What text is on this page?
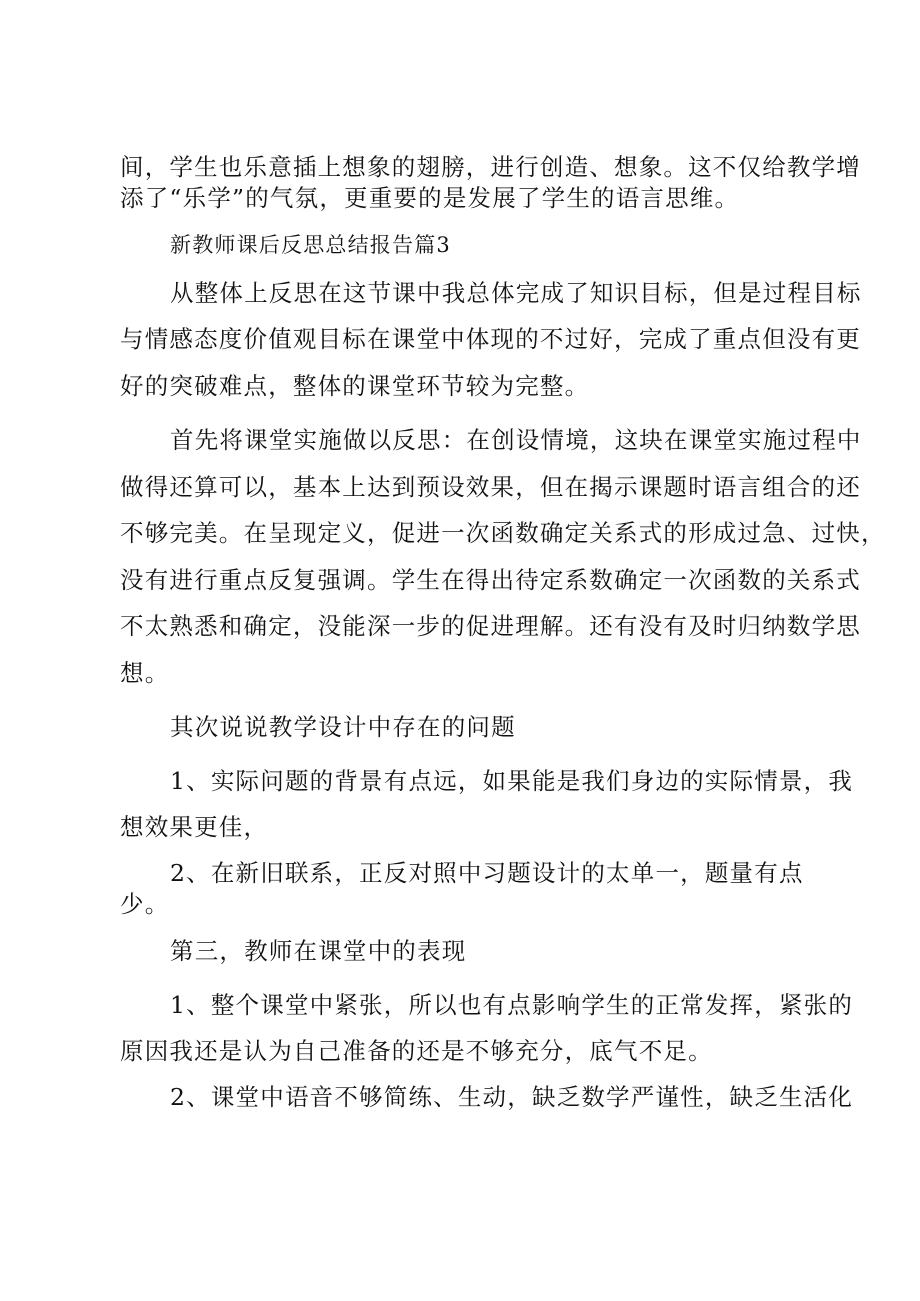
间，学生也乐意插上想象的翅膀，进行创造、想象。这不仅给教学增
添了“乐学”的气氛，更重要的是发展了学生的语言思维。
新教师课后反思总结报告篇3
从整体上反思在这节课中我总体完成了知识目标，但是过程目标
与情感态度价值观目标在课堂中体现的不过好，完成了重点但没有更
好的突破难点，整体的课堂环节较为完整。
首先将课堂实施做以反思：在创设情境，这块在课堂实施过程中
做得还算可以，基本上达到预设效果，但在揭示课题时语言组合的还
不够完美。在呈现定义，促进一次函数确定关系式的形成过急、过快，
没有进行重点反复强调。学生在得出待定系数确定一次函数的关系式
不太熟悉和确定，没能深一步的促进理解。还有没有及时归纳数学思
想。
其次说说教学设计中存在的问题
1、实际问题的背景有点远，如果能是我们身边的实际情景，我
想效果更佳，
2、在新旧联系，正反对照中习题设计的太单一，题量有点
少。
第三，教师在课堂中的表现
1、整个课堂中紧张，所以也有点影响学生的正常发挥，紧张的
原因我还是认为自己准备的还是不够充分，底气不足。
2、课堂中语音不够简练、生动，缺乏数学严谨性，缺乏生活化
